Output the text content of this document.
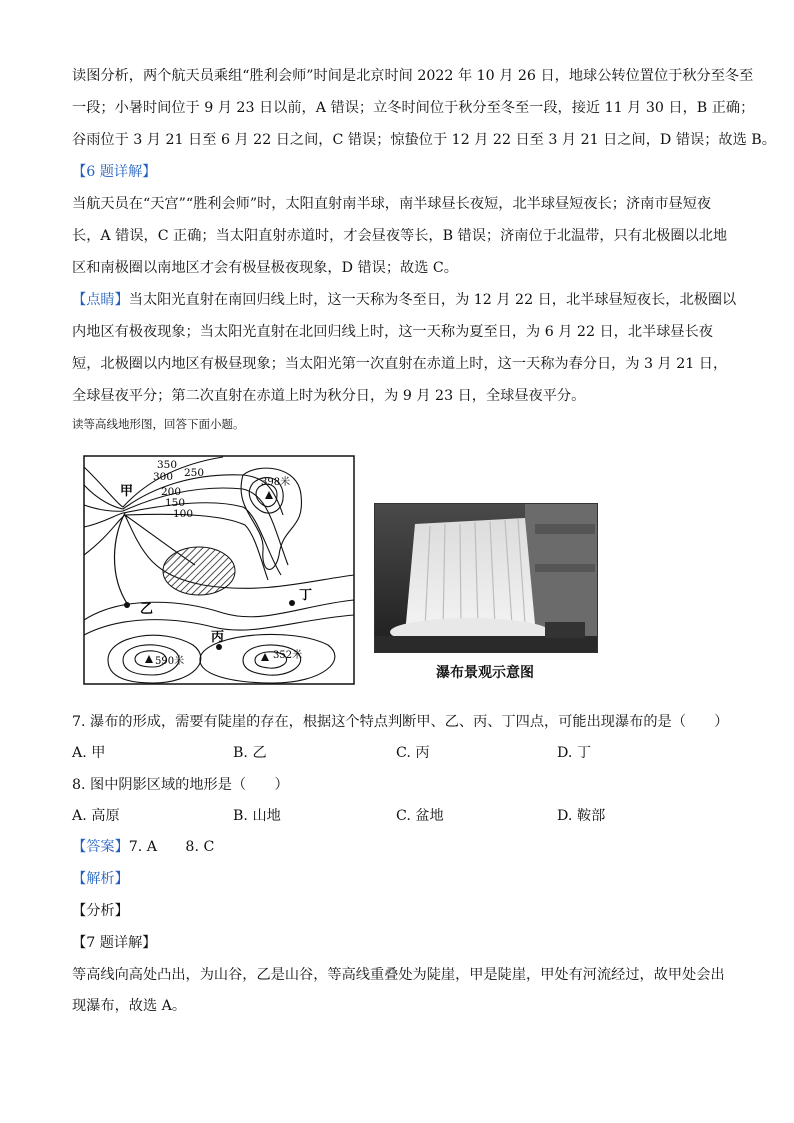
读图分析，两个航天员乘组“胜利会师”时间是北京时间 2022 年 10 月 26 日，地球公转位置位于秋分至冬至
一段；小暑时间位于 9 月 23 日以前，A 错误；立冬时间位于秋分至冬至一段，接近 11 月 30 日，B 正确；
谷雨位于 3 月 21 日至 6 月 22 日之间，C 错误；惊蛰位于 12 月 22 日至 3 月 21 日之间，D 错误；故选 B。
【6 题详解】
当航天员在“天宫”“胜利会师”时，太阳直射南半球，南半球昼长夜短，北半球昼短夜长；济南市昼短夜
长，A 错误，C 正确；当太阳直射赤道时，才会昼夜等长，B 错误；济南位于北温带，只有北极圈以北地
区和南极圈以南地区才会有极昼极夜现象，D 错误；故选 C。
【点睛】当太阳光直射在南回归线上时，这一天称为冬至日，为 12 月 22 日，北半球昼短夜长，北极圈以
内地区有极夜现象；当太阳光直射在北回归线上时，这一天称为夏至日，为 6 月 22 日，北半球昼长夜
短，北极圈以内地区有极昼现象；当太阳光第一次直射在赤道上时，这一天称为春分日，为 3 月 21 日，
全球昼夜平分；第二次直射在赤道上时为秋分日，为 9 月 23 日，全球昼夜平分。
读等高线地形图，回答下面小题。
350
300 250
200
150
100
甲
乙
丙
丁
398米
590米
352米
瀑布景观示意图
7. 瀑布的形成，需要有陡崖的存在，根据这个特点判断甲、乙、丙、丁四点，可能出现瀑布的是（　　）
A. 甲	B. 乙	C. 丙	D. 丁
8. 图中阴影区域的地形是（　　）
A. 高原	B. 山地	C. 盆地	D. 鞍部
【答案】7. A　　8. C
【解析】
【分析】
【7 题详解】
等高线向高处凸出，为山谷，乙是山谷，等高线重叠处为陡崖，甲是陡崖，甲处有河流经过，故甲处会出
现瀑布，故选 A。
